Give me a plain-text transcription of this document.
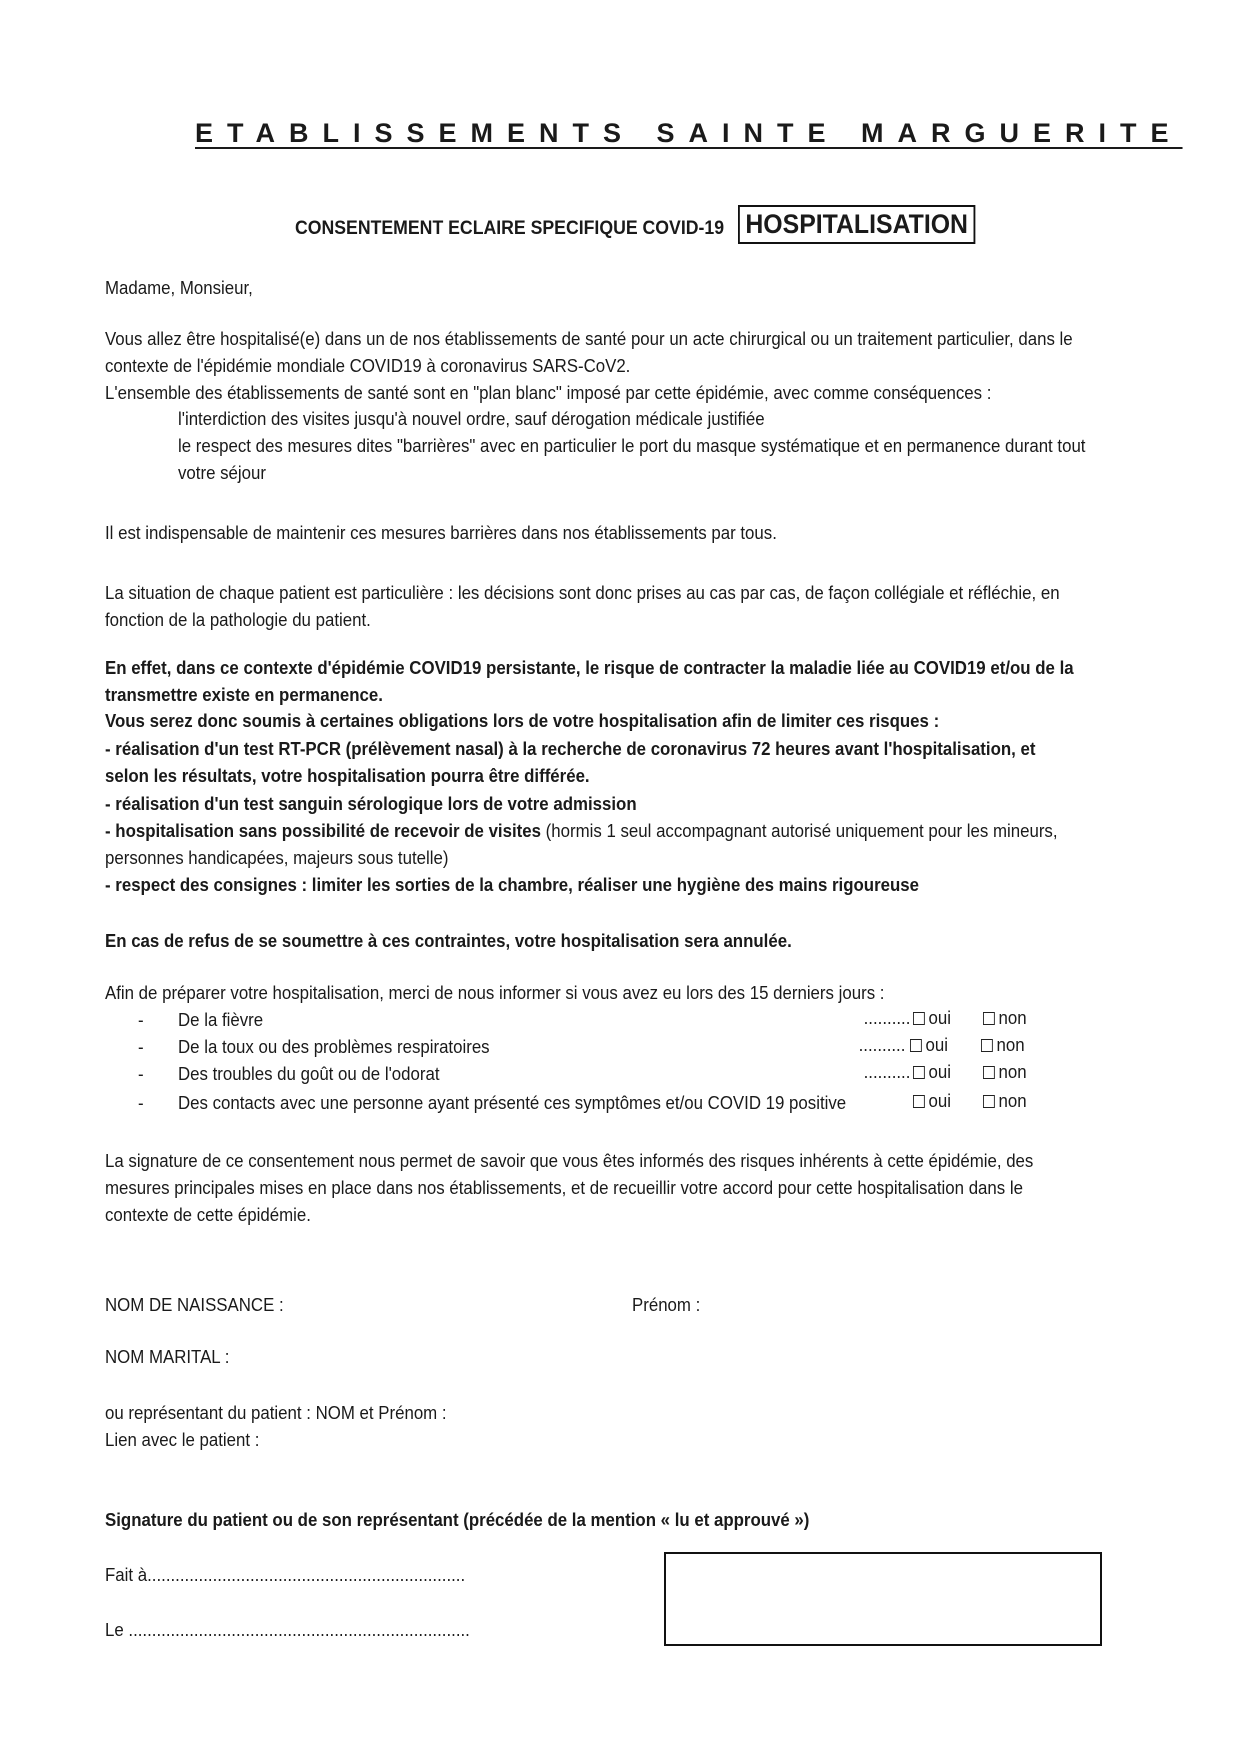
ETABLISSEMENTS SAINTE MARGUERITE
CONSENTEMENT ECLAIRE SPECIFIQUE COVID-19 HOSPITALISATION
Madame, Monsieur,
Vous allez être hospitalisé(e) dans un de nos établissements de santé pour un acte chirurgical ou un traitement particulier, dans le
contexte de l'épidémie mondiale COVID19 à coronavirus SARS-CoV2.
L'ensemble des établissements de santé sont en "plan blanc" imposé par cette épidémie, avec comme conséquences :
l'interdiction des visites jusqu'à nouvel ordre, sauf dérogation médicale justifiée
le respect des mesures dites "barrières" avec en particulier le port du masque systématique et en permanence durant tout
votre séjour
Il est indispensable de maintenir ces mesures barrières dans nos établissements par tous.
La situation de chaque patient est particulière : les décisions sont donc prises au cas par cas, de façon collégiale et réfléchie, en
fonction de la pathologie du patient.
En effet, dans ce contexte d'épidémie COVID19 persistante, le risque de contracter la maladie liée au COVID19 et/ou de la
transmettre existe en permanence.
Vous serez donc soumis à certaines obligations lors de votre hospitalisation afin de limiter ces risques :
- réalisation d'un test RT-PCR (prélèvement nasal) à la recherche de coronavirus 72 heures avant l'hospitalisation, et
selon les résultats, votre hospitalisation pourra être différée.
- réalisation d'un test sanguin sérologique lors de votre admission
- hospitalisation sans possibilité de recevoir de visites (hormis 1 seul accompagnant autorisé uniquement pour les mineurs,
personnes handicapées, majeurs sous tutelle)
- respect des consignes : limiter les sorties de la chambre, réaliser une hygiène des mains rigoureuse
En cas de refus de se soumettre à ces contraintes, votre hospitalisation sera annulée.
Afin de préparer votre hospitalisation, merci de nous informer si vous avez eu lors des 15 derniers jours :
- De la fièvre	.......... oui	non
- De la toux ou des problèmes respiratoires	..........	oui	non
- Des troubles du goût ou de l'odorat	.......... oui	non
- Des contacts avec une personne ayant présenté ces symptômes et/ou COVID 19 positive	oui	non
La signature de ce consentement nous permet de savoir que vous êtes informés des risques inhérents à cette épidémie, des
mesures principales mises en place dans nos établissements, et de recueillir votre accord pour cette hospitalisation dans le
contexte de cette épidémie.
NOM DE NAISSANCE :	Prénom :
NOM MARITAL :
ou représentant du patient : NOM et Prénom :
Lien avec le patient :
Signature du patient ou de son représentant (précédée de la mention « lu et approuvé »)
Fait à....................................................................
Le .........................................................................
